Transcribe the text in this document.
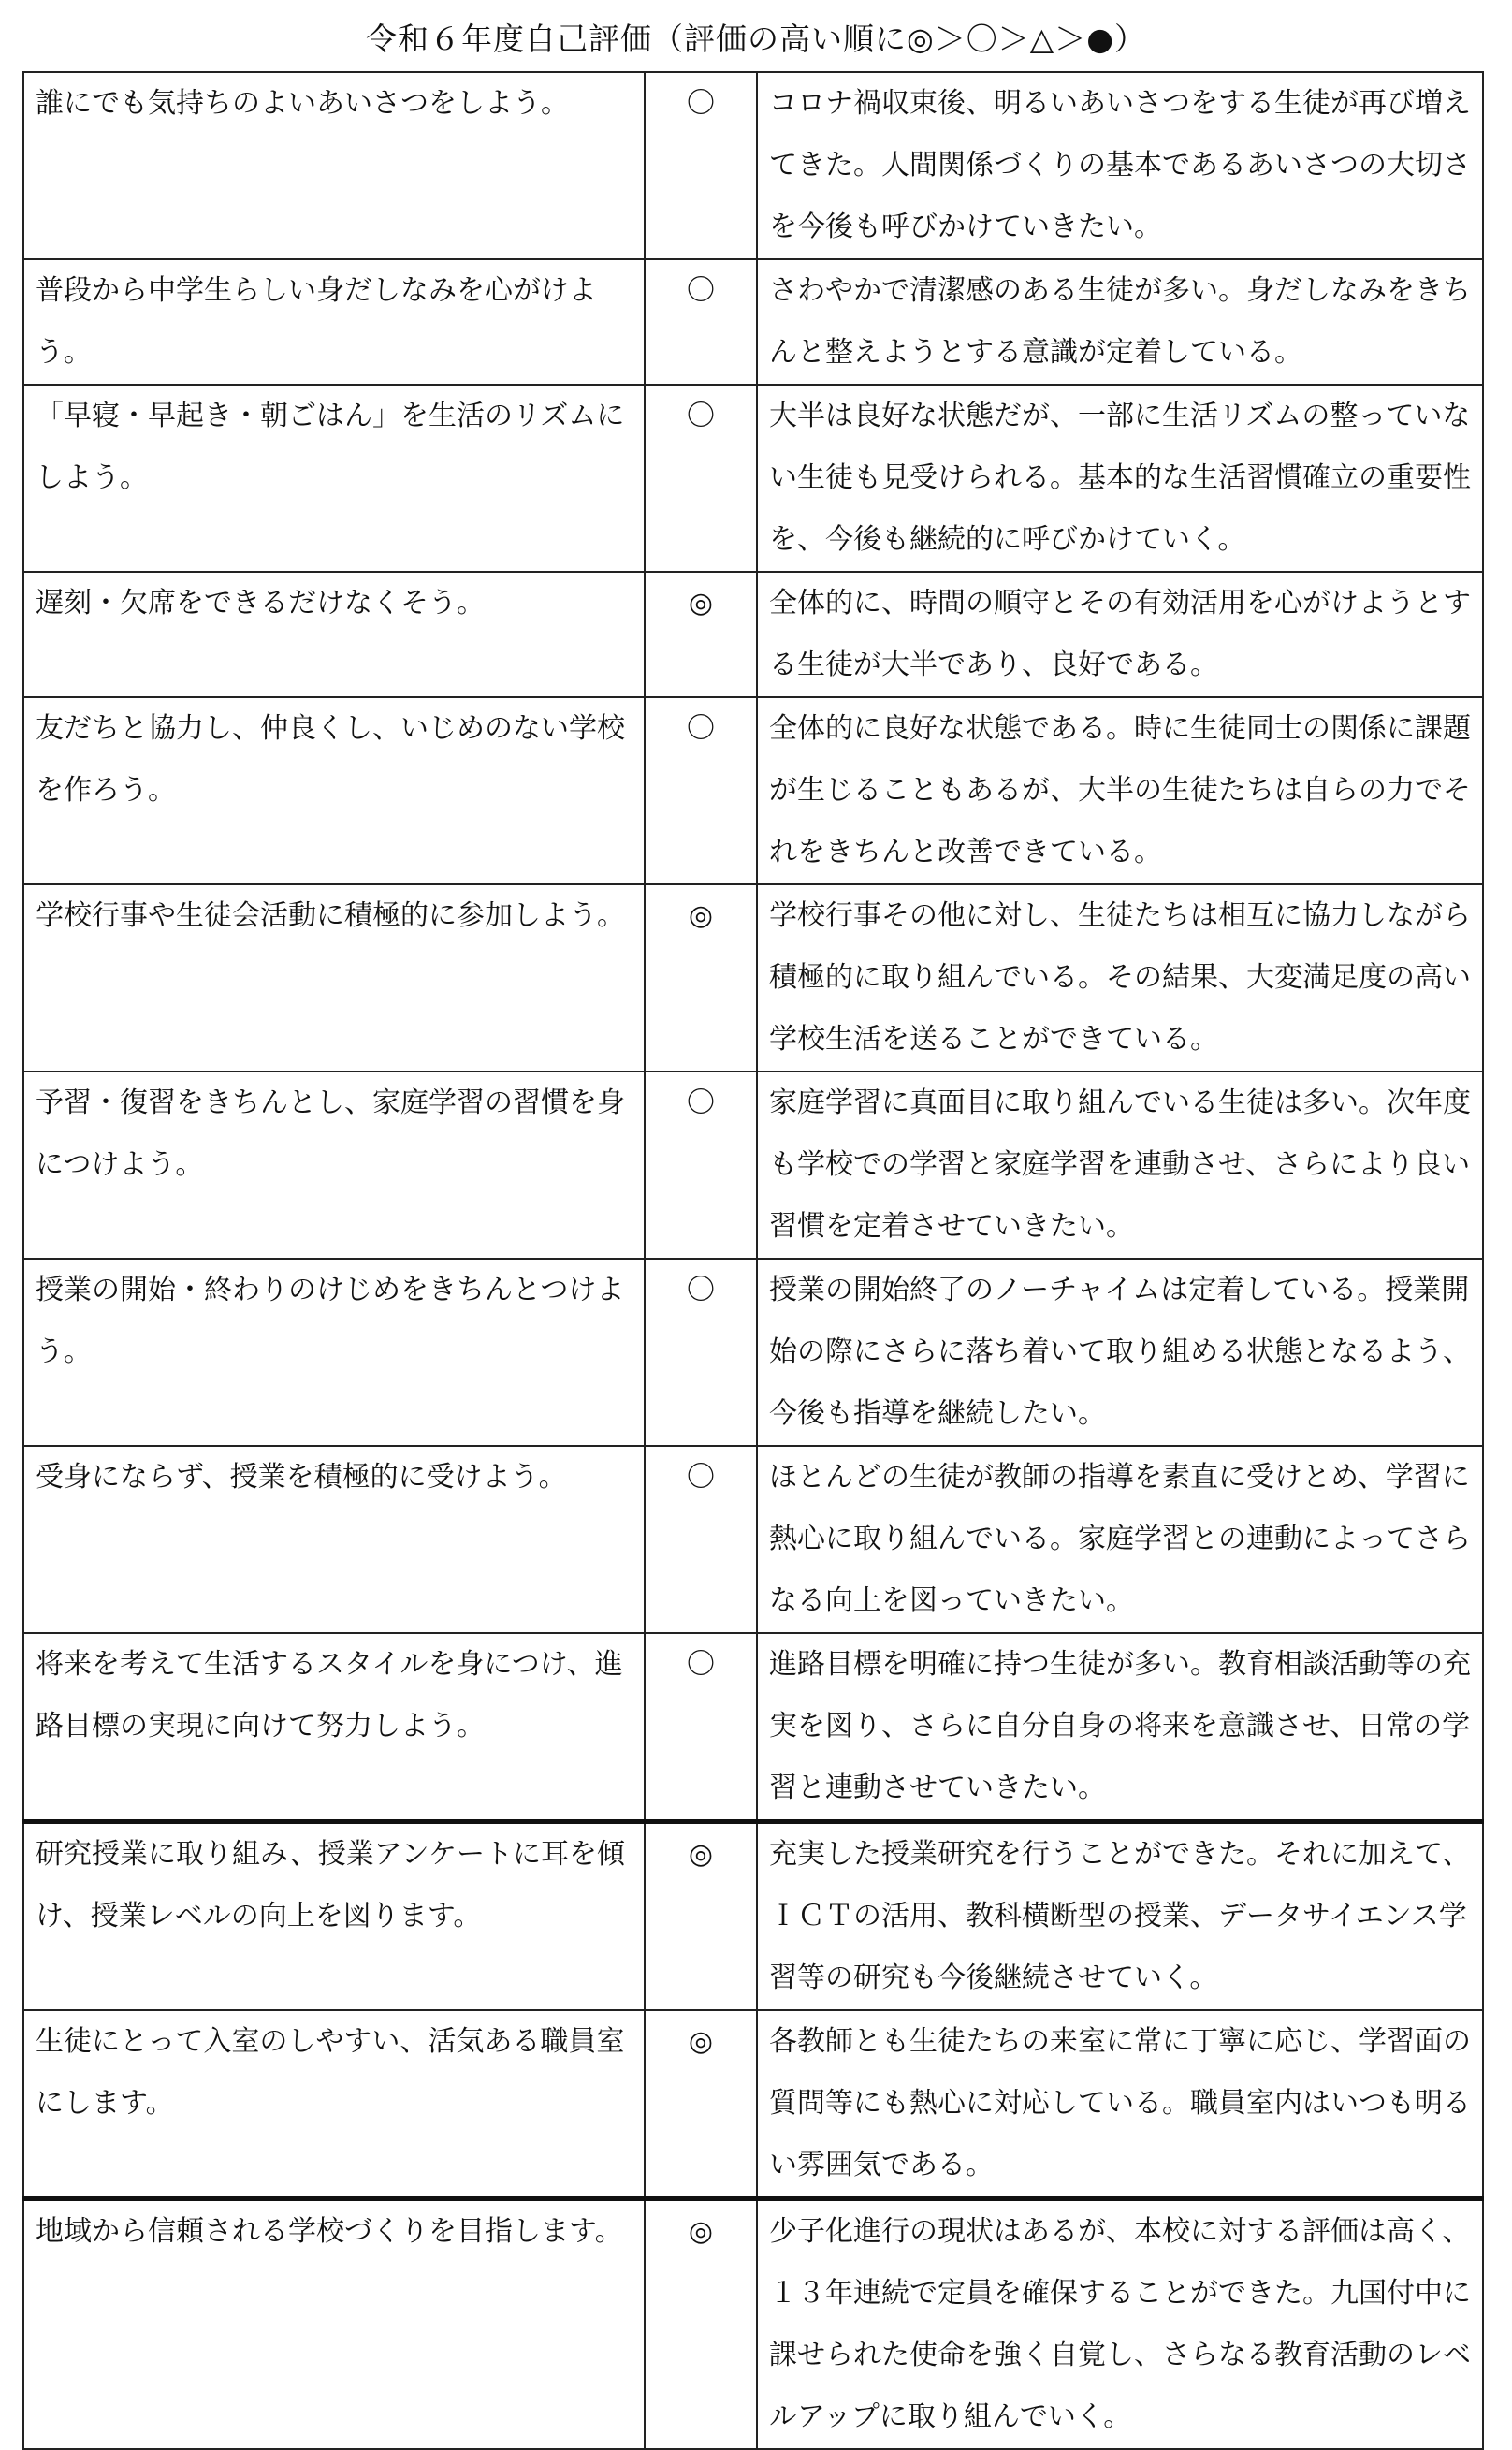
令和６年度自己評価（評価の高い順に◎＞〇＞△＞●）
誰にでも気持ちのよいあいさつをしよう。	〇	コロナ禍収束後、明るいあいさつをする生徒が再び増えてきた。人間関係づくりの基本であるあいさつの大切さを今後も呼びかけていきたい。

普段から中学生らしい身だしなみを心がけよう。	〇	さわやかで清潔感のある生徒が多い。身だしなみをきちんと整えようとする意識が定着している。

「早寝・早起き・朝ごはん」を生活のリズムにしよう。	〇	大半は良好な状態だが、一部に生活リズムの整っていない生徒も見受けられる。基本的な生活習慣確立の重要性を、今後も継続的に呼びかけていく。

遅刻・欠席をできるだけなくそう。	◎	全体的に、時間の順守とその有効活用を心がけようとする生徒が大半であり、良好である。

友だちと協力し、仲良くし、いじめのない学校を作ろう。	〇	全体的に良好な状態である。時に生徒同士の関係に課題が生じることもあるが、大半の生徒たちは自らの力でそれをきちんと改善できている。

学校行事や生徒会活動に積極的に参加しよう。	◎	学校行事その他に対し、生徒たちは相互に協力しながら積極的に取り組んでいる。その結果、大変満足度の高い学校生活を送ることができている。

予習・復習をきちんとし、家庭学習の習慣を身につけよう。	〇	家庭学習に真面目に取り組んでいる生徒は多い。次年度も学校での学習と家庭学習を連動させ、さらにより良い習慣を定着させていきたい。

授業の開始・終わりのけじめをきちんとつけよう。	〇	授業の開始終了のノーチャイムは定着している。授業開始の際にさらに落ち着いて取り組める状態となるよう、今後も指導を継続したい。

受身にならず、授業を積極的に受けよう。	〇	ほとんどの生徒が教師の指導を素直に受けとめ、学習に熱心に取り組んでいる。家庭学習との連動によってさらなる向上を図っていきたい。

将来を考えて生活するスタイルを身につけ、進路目標の実現に向けて努力しよう。	〇	進路目標を明確に持つ生徒が多い。教育相談活動等の充実を図り、さらに自分自身の将来を意識させ、日常の学習と連動させていきたい。

研究授業に取り組み、授業アンケートに耳を傾け、授業レベルの向上を図ります。	◎	充実した授業研究を行うことができた。それに加えて、ＩＣＴの活用、教科横断型の授業、データサイエンス学習等の研究も今後継続させていく。

生徒にとって入室のしやすい、活気ある職員室にします。	◎	各教師とも生徒たちの来室に常に丁寧に応じ、学習面の質問等にも熱心に対応している。職員室内はいつも明るい雰囲気である。

地域から信頼される学校づくりを目指します。	◎	少子化進行の現状はあるが、本校に対する評価は高く、１３年連続で定員を確保することができた。九国付中に課せられた使命を強く自覚し、さらなる教育活動のレベルアップに取り組んでいく。
